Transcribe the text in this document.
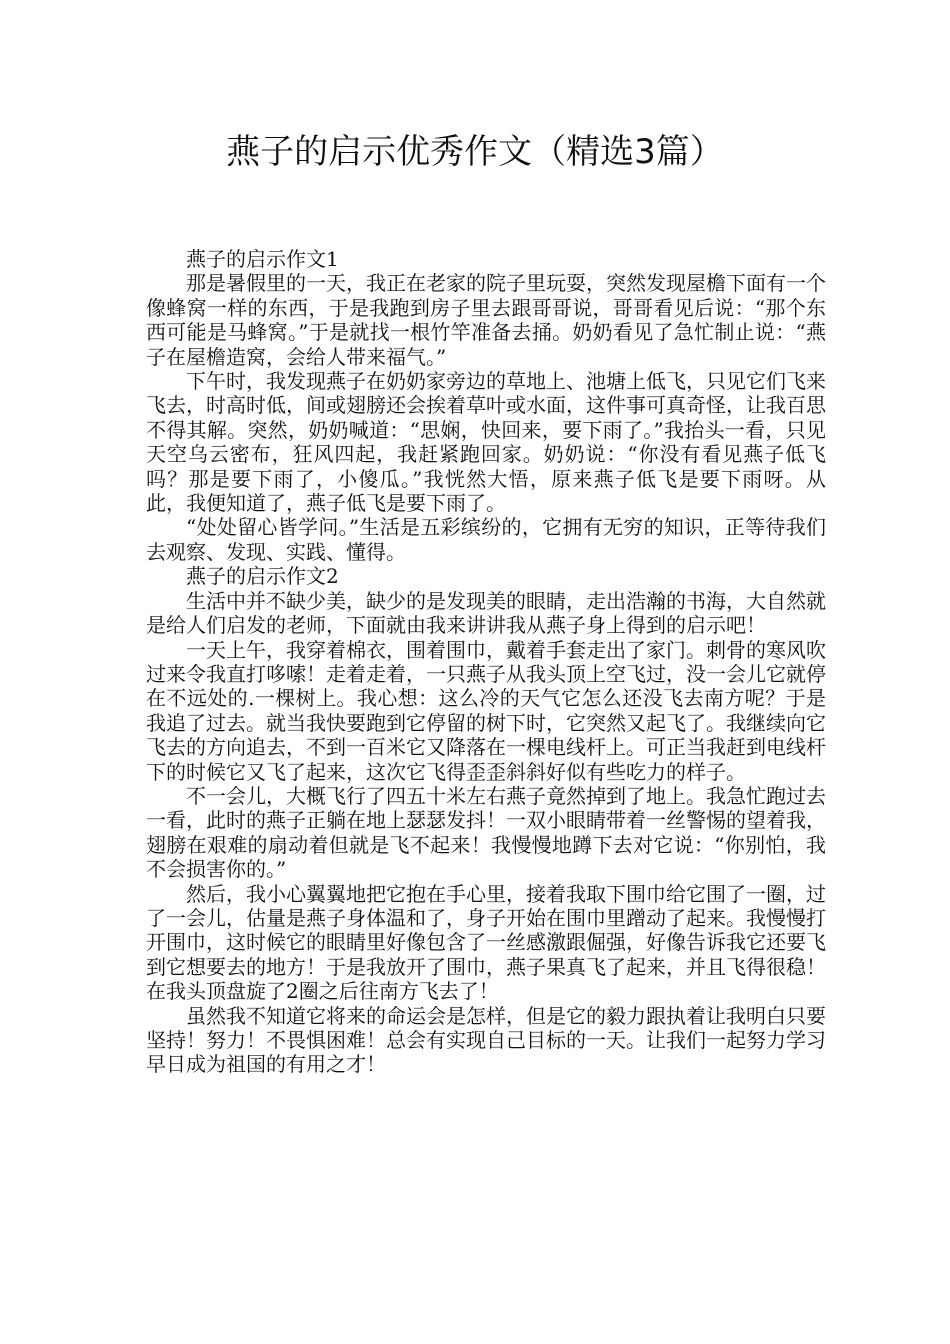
燕子的启示优秀作文（精选3篇）

燕子的启示作文1

那是暑假里的一天，我正在老家的院子里玩耍，突然发现屋檐下面有一个像蜂窝一样的东西，于是我跑到房子里去跟哥哥说，哥哥看见后说：“那个东西可能是马蜂窝。”于是就找一根竹竿准备去捅。奶奶看见了急忙制止说：“燕子在屋檐造窝，会给人带来福气。”

下午时，我发现燕子在奶奶家旁边的草地上、池塘上低飞，只见它们飞来飞去，时高时低，间或翅膀还会挨着草叶或水面，这件事可真奇怪，让我百思不得其解。突然，奶奶喊道：“思娴，快回来，要下雨了。”我抬头一看，只见天空乌云密布，狂风四起，我赶紧跑回家。奶奶说：“你没有看见燕子低飞吗？那是要下雨了，小傻瓜。”我恍然大悟，原来燕子低飞是要下雨呀。从此，我便知道了，燕子低飞是要下雨了。

“处处留心皆学问。”生活是五彩缤纷的，它拥有无穷的知识，正等待我们去观察、发现、实践、懂得。

燕子的启示作文2

生活中并不缺少美，缺少的是发现美的眼睛，走出浩瀚的书海，大自然就是给人们启发的老师，下面就由我来讲讲我从燕子身上得到的启示吧！

一天上午，我穿着棉衣，围着围巾，戴着手套走出了家门。刺骨的寒风吹过来令我直打哆嗦！走着走着，一只燕子从我头顶上空飞过，没一会儿它就停在不远处的.一棵树上。我心想：这么冷的天气它怎么还没飞去南方呢？于是我追了过去。就当我快要跑到它停留的树下时，它突然又起飞了。我继续向它飞去的方向追去，不到一百米它又降落在一棵电线杆上。可正当我赶到电线杆下的时候它又飞了起来，这次它飞得歪歪斜斜好似有些吃力的样子。

不一会儿，大概飞行了四五十米左右燕子竟然掉到了地上。我急忙跑过去一看，此时的燕子正躺在地上瑟瑟发抖！一双小眼睛带着一丝警惕的望着我，翅膀在艰难的扇动着但就是飞不起来！我慢慢地蹲下去对它说：“你别怕，我不会损害你的。”

然后，我小心翼翼地把它抱在手心里，接着我取下围巾给它围了一圈，过了一会儿，估量是燕子身体温和了，身子开始在围巾里蹭动了起来。我慢慢打开围巾，这时候它的眼睛里好像包含了一丝感激跟倔强，好像告诉我它还要飞到它想要去的地方！于是我放开了围巾，燕子果真飞了起来，并且飞得很稳！在我头顶盘旋了2圈之后往南方飞去了！

虽然我不知道它将来的命运会是怎样，但是它的毅力跟执着让我明白只要坚持！努力！不畏惧困难！总会有实现自己目标的一天。让我们一起努力学习早日成为祖国的有用之才！
